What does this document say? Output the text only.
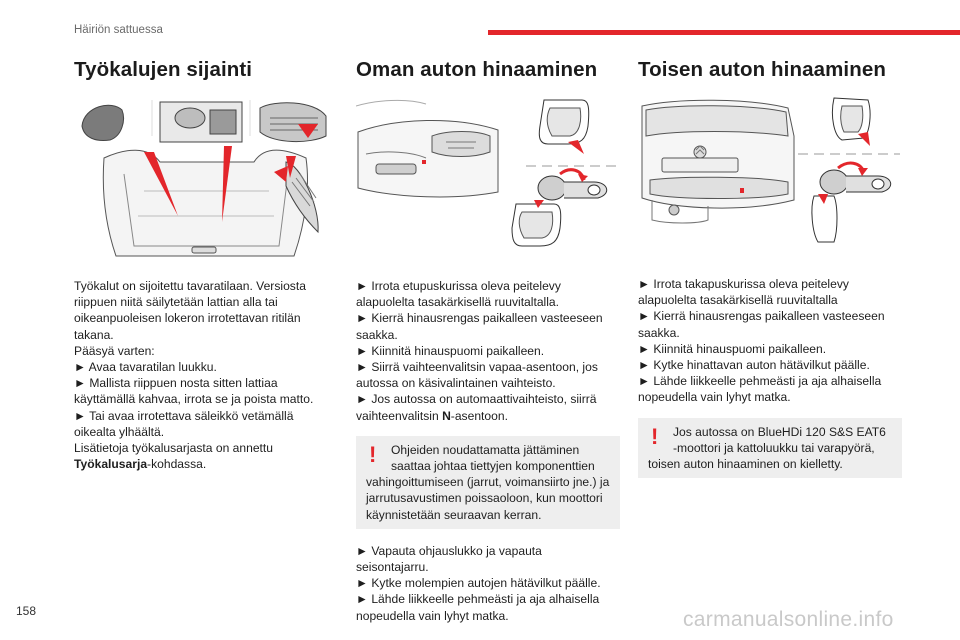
Häiriön sattuessa
Työkalujen sijainti

Työkalut on sijoitettu tavaratilaan. Versiosta

riippuen niitä säilytetään lattian alla tai

oikeanpuoleisen lokeron irrotettavan ritilän

takana.

Pääsyä varten:

► Avaa tavaratilan luukku.

► Mallista riippuen nosta sitten lattiaa

käyttämällä kahvaa, irrota se ja poista matto.

► Tai avaa irrotettava säleikkö vetämällä

oikealta ylhäältä.

Lisätietoja työkalusarjasta on annettu

Työkalusarja-kohdassa.

Oman auton hinaaminen

► Irrota etupuskurissa oleva peitelevy

alapuolelta tasakärkisellä ruuvitaltalla.

► Kierrä hinausrengas paikalleen vasteeseen

saakka.

► Kiinnitä hinauspuomi paikalleen.

► Siirrä vaihteenvalitsin vapaa-asentoon, jos

autossa on käsivalintainen vaihteisto.

► Jos autossa on automaattivaihteisto, siirrä

vaihteenvalitsin N-asentoon.

!	Ohjeiden noudattamatta jättäminen

saattaa johtaa tiettyjen komponenttien

vahingoittumiseen (jarrut, voimansiirto jne.) ja

jarrutusavustimen poissaoloon, kun moottori

käynnistetään seuraavan kerran.

► Vapauta ohjauslukko ja vapauta

seisontajarru.

► Kytke molempien autojen hätävilkut päälle.

► Lähde liikkeelle pehmeästi ja aja alhaisella

nopeudella vain lyhyt matka.

Toisen auton hinaaminen

► Irrota takapuskurissa oleva peitelevy

alapuolelta tasakärkisellä ruuvitaltalla

► Kierrä hinausrengas paikalleen vasteeseen

saakka.

► Kiinnitä hinauspuomi paikalleen.

► Kytke hinattavan auton hätävilkut päälle.

► Lähde liikkeelle pehmeästi ja aja alhaisella

nopeudella vain lyhyt matka.

!	Jos autossa on BlueHDi 120 S&S EAT6

-moottori ja kattoluukku tai varapyörä,

toisen auton hinaaminen on kielletty.

158	carmanualsonline.info
